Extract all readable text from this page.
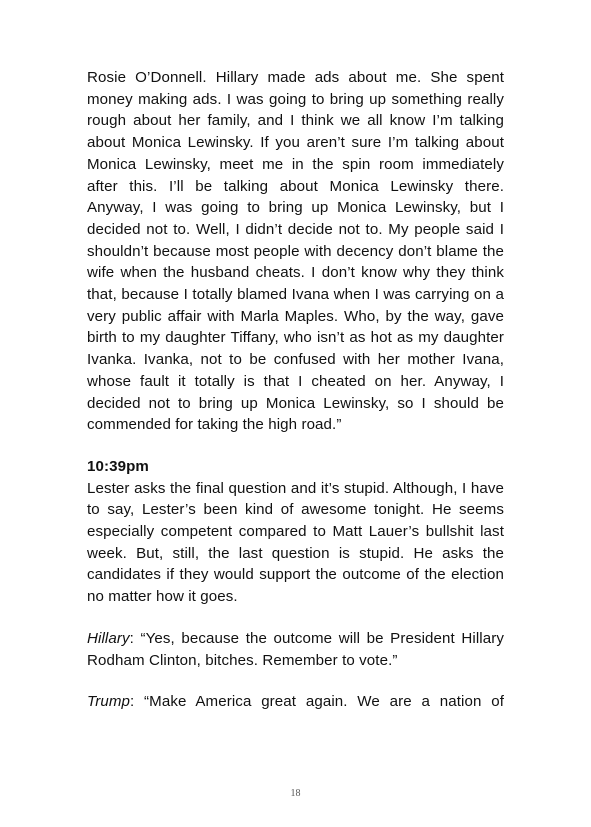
Rosie O’Donnell. Hillary made ads about me. She spent money making ads. I was going to bring up something really rough about her family, and I think we all know I’m talking about Monica Lewinsky. If you aren’t sure I’m talking about Monica Lewinsky, meet me in the spin room immediately after this. I’ll be talking about Monica Lewinsky there. Anyway, I was going to bring up Monica Lewinsky, but I decided not to. Well, I didn’t decide not to. My people said I shouldn’t because most people with decency don’t blame the wife when the husband cheats. I don’t know why they think that, because I totally blamed Ivana when I was carrying on a very public affair with Marla Maples. Who, by the way, gave birth to my daughter Tiffany, who isn’t as hot as my daughter Ivanka. Ivanka, not to be confused with her mother Ivana, whose fault it totally is that I cheated on her. Anyway, I decided not to bring up Monica Lewinsky, so I should be commended for taking the high road.”

10:39pm

Lester asks the final question and it’s stupid. Although, I have to say, Lester’s been kind of awesome tonight. He seems especially competent compared to Matt Lauer’s bullshit last week. But, still, the last question is stupid. He asks the candidates if they would support the outcome of the election no matter how it goes.

Hillary: “Yes, because the outcome will be President Hillary Rodham Clinton, bitches. Remember to vote.”

Trump: “Make America great again. We are a nation of

18
